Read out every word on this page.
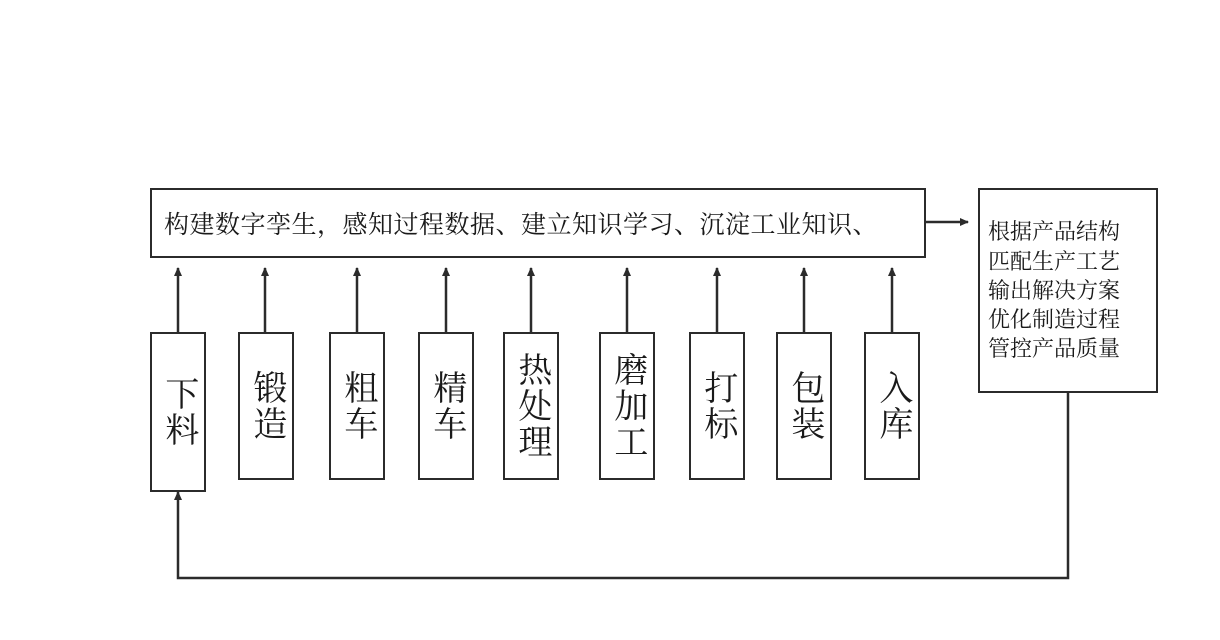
构建数字孪生，感知过程数据、建立知识学习、沉淀工业知识、	根据产品结构
匹配生产工艺
输出解决方案
优化制造过程
管控产品质量
下料 锻造 粗车 精车 热处理 磨加工 打标 包装 入库
